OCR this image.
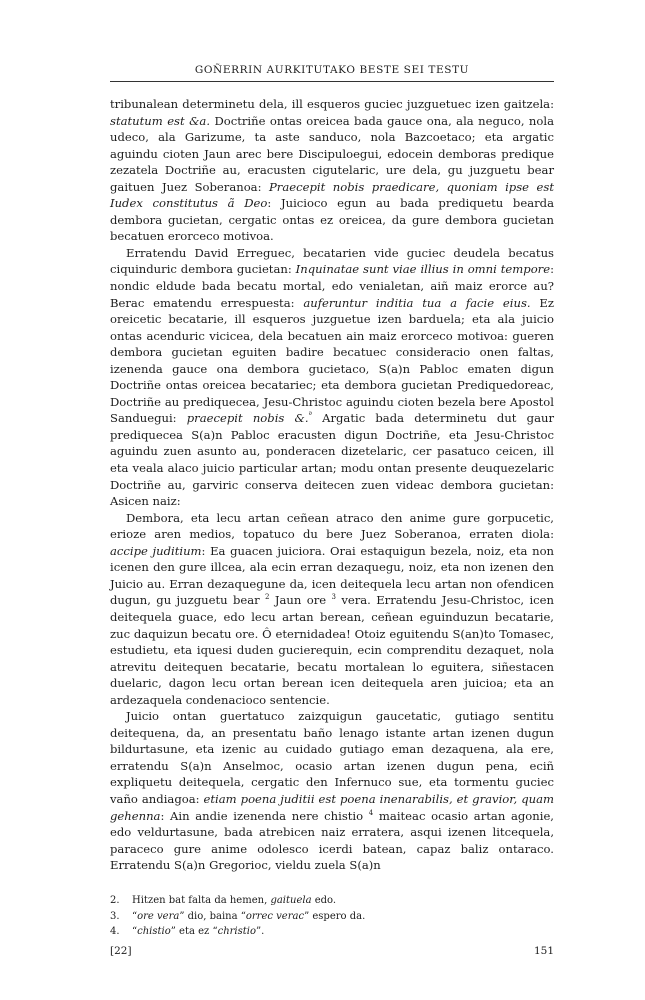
GOÑERRIN AURKITUTAKO BESTE SEI TESTU

tribunalean determinetu dela, ill esqueros guciec juzguetuec izen gaitzela: statutum est &a. Doctriñe ontas oreicea bada gauce ona, ala neguco, nola udeco, ala Garizume, ta aste sanduco, nola Bazcoetaco; eta argatic aguindu cioten Jaun arec bere Discipuloegui, edocein demboras predique zezatela Doctriñe au, eracusten cigutelaric, ure dela, gu juzguetu bear gaituen Juez Soberanoa: Praecepit nobis praedicare, quoniam ipse est Iudex constitutus ã Deo: Juicioco egun au bada prediquetu bearda dembora gucietan, cergatic ontas ez oreicea, da gure dembora gucietan becatuen erorceco motivoa.

Erratendu David Erreguec, becatarien vide guciec deudela becatus ciquinduric dembora gucietan: Inquinatae sunt viae illius in omni tempore: nondic eldude bada becatu mortal, edo venialetan, aiñ maiz erorce au? Berac ematendu errespuesta: auferuntur inditia tua a facie eius. Ez oreicetic becatarie, ill esqueros juzguetue izen barduela; eta ala juicio ontas acenduric vicicea, dela becatuen ain maiz erorceco motivoa: gueren dembora gucietan eguiten badire becatuec consideracio onen faltas, izenenda gauce ona dembora gucietaco, S(a)n Pabloc ematen digun Doctriñe ontas oreicea becatariec; eta dembora gucietan Prediquedoreac, Doctriñe au prediquecea, Jesu-Christoc aguindu cioten bezela bere Apostol Sanduegui: praecepit nobis &.$^ª$ Argatic bada determinetu dut gaur prediquecea S(a)n Pabloc eracusten digun Doctriñe, eta Jesu-Christoc aguindu zuen asunto au, ponderacen dizetelaric, cer pasatuco ceicen, ill eta veala alaco juicio particular artan; modu ontan presente deuquezelaric Doctriñe au, garviric conserva deitecen zuen videac dembora gucietan: Asicen naiz:

Dembora, eta lecu artan ceñean atraco den anime gure gorpucetic, erioze aren medios, topatuco du bere Juez Soberanoa, erraten diola: accipe juditium: Ea guacen juiciora. Orai estaquigun bezela, noiz, eta non icenen den gure illcea, ala ecin erran dezaquegu, noiz, eta non izenen den Juicio au. Erran dezaquegune da, icen deitequela lecu artan non ofendicen dugun, gu juzguetu bear $^2$ Jaun ore $^3$ vera. Erratendu Jesu-Christoc, icen deitequela guace, edo lecu artan berean, ceñean eguinduzun becatarie, zuc daquizun becatu ore. Ô eternidadea! Otoiz eguitendu S(an)to Tomasec, estudietu, eta iquesi duden gucierequin, ecin comprenditu dezaquet, nola atrevitu deitequen becatarie, becatu mortalean lo eguitera, siñestacen duelaric, dagon lecu ortan berean icen deitequela aren juicioa; eta an ardezaquela condenacioco sentencie.

Juicio ontan guertatuco zaizquigun gaucetatic, gutiago sentitu deitequena, da, an presentatu baño lenago istante artan izenen dugun bildurtasune, eta izenic au cuidado gutiago eman dezaquena, ala ere, erratendu S(a)n Anselmoc, ocasio artan izenen dugun pena, eciñ expliquetu deitequela, cergatic den Infernuco sue, eta tormentu guciec vaño andiagoa: etiam poena juditii est poena inenarabilis, et gravior, quam gehenna: Ain andie izenenda nere chistio $^4$ maiteac ocasio artan agonie, edo veldurtasune, bada atrebicen naiz erratera, asqui izenen litcequela, paraceco gure anime odolesco icerdi batean, capaz baliz ontaraco. Erratendu S(a)n Gregorioc, vieldu zuela S(a)n

2.	Hitzen bat falta da hemen, gaituela edo.
3.	“ore vera” dio, baina “orrec verac” espero da.
4.	“chistio” eta ez “christio”.
[22]	151
